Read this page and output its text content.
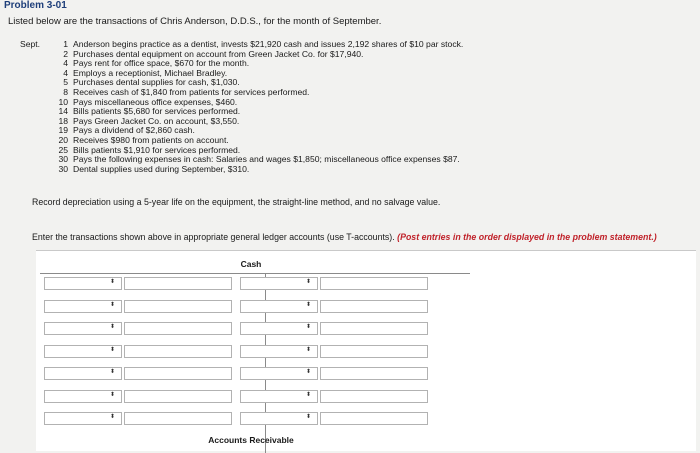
Problem 3-01
Listed below are the transactions of Chris Anderson, D.D.S., for the month of September.
Sept.	1 Anderson begins practice as a dentist, invests $21,920 cash and issues 2,192 shares of $10 par stock.
2 Purchases dental equipment on account from Green Jacket Co. for $17,940.
4 Pays rent for office space, $670 for the month.
4 Employs a receptionist, Michael Bradley.
5 Purchases dental supplies for cash, $1,030.
8 Receives cash of $1,840 from patients for services performed.
10 Pays miscellaneous office expenses, $460.
14 Bills patients $5,680 for services performed.
18 Pays Green Jacket Co. on account, $3,550.
19 Pays a dividend of $2,860 cash.
20 Receives $980 from patients on account.
25 Bills patients $1,910 for services performed.
30 Pays the following expenses in cash: Salaries and wages $1,850; miscellaneous office expenses $87.
30 Dental supplies used during September, $310.
Record depreciation using a 5-year life on the equipment, the straight-line method, and no salvage value.
Enter the transactions shown above in appropriate general ledger accounts (use T-accounts). (Post entries in the order displayed in the problem statement.)
Cash
⬍	⬍
⬍	⬍
⬍	⬍
⬍	⬍
⬍	⬍
⬍	⬍
⬍	⬍
Accounts Receivable
